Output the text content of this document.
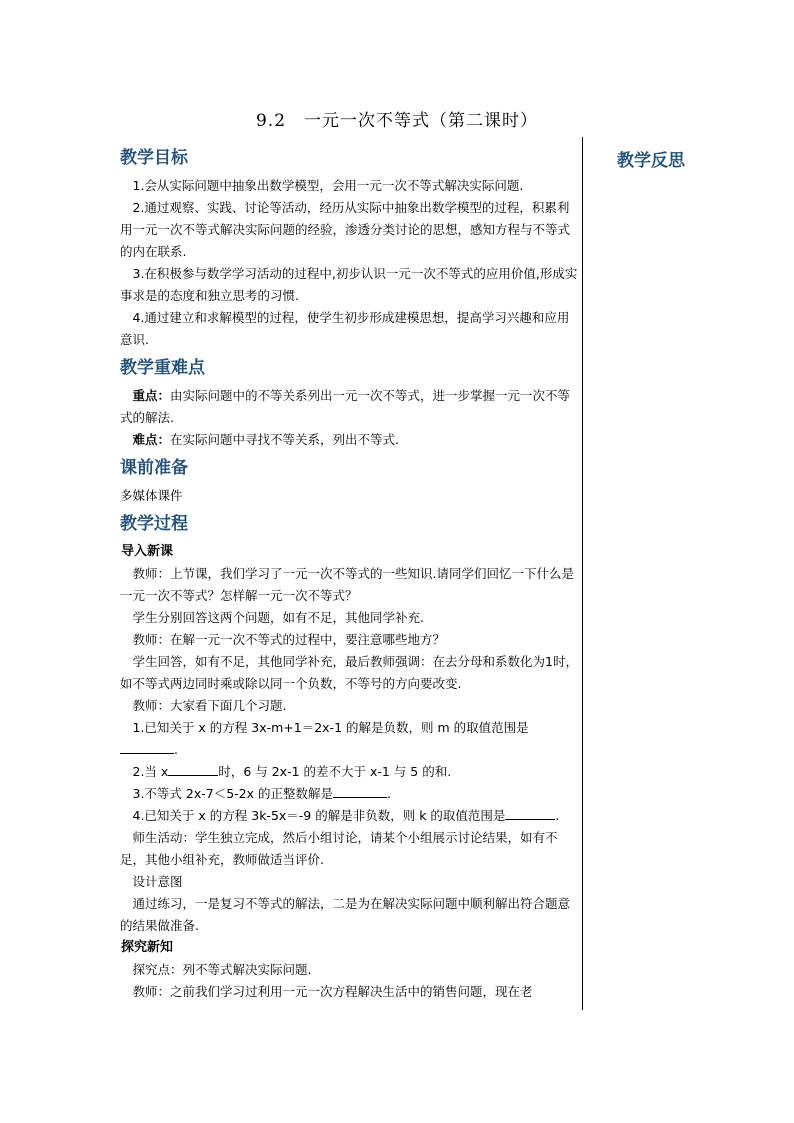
9.2　一元一次不等式（第二课时）
教学反思
教学目标

1.会从实际问题中抽象出数学模型，会用一元一次不等式解决实际问题.

2.通过观察、实践、讨论等活动，经历从实际中抽象出数学模型的过程，积累利用一元一次不等式解决实际问题的经验，渗透分类讨论的思想，感知方程与不等式的内在联系.

3.在积极参与数学学习活动的过程中,初步认识一元一次不等式的应用价值,形成实事求是的态度和独立思考的习惯.

4.通过建立和求解模型的过程，使学生初步形成建模思想，提高学习兴趣和应用意识.

教学重难点

重点：由实际问题中的不等关系列出一元一次不等式，进一步掌握一元一次不等式的解法.

难点：在实际问题中寻找不等关系，列出不等式.

课前准备

多媒体课件

教学过程
导入新课

教师：上节课，我们学习了一元一次不等式的一些知识.请同学们回忆一下什么是一元一次不等式？怎样解一元一次不等式？

学生分别回答这两个问题，如有不足，其他同学补充.

教师：在解一元一次不等式的过程中，要注意哪些地方？

学生回答，如有不足，其他同学补充，最后教师强调：在去分母和系数化为1时，如不等式两边同时乘或除以同一个负数，不等号的方向要改变.

教师：大家看下面几个习题.

1.已知关于 x 的方程 3x-m+1＝2x-1 的解是负数，则 m 的取值范围是.

2.当 x	时，6 与 2x-1 的差不大于 x-1 与 5 的和.

3.不等式 2x-7＜5-2x 的正整数解是	.

4.已知关于 x 的方程 3k-5x＝-9 的解是非负数，则 k 的取值范围是	.

师生活动：学生独立完成，然后小组讨论，请某个小组展示讨论结果，如有不足，其他小组补充，教师做适当评价.

设计意图

通过练习，一是复习不等式的解法，二是为在解决实际问题中顺利解出符合题意的结果做准备.

探究新知

探究点：列不等式解决实际问题.

教师：之前我们学习过利用一元一次方程解决生活中的销售问题，现在老
